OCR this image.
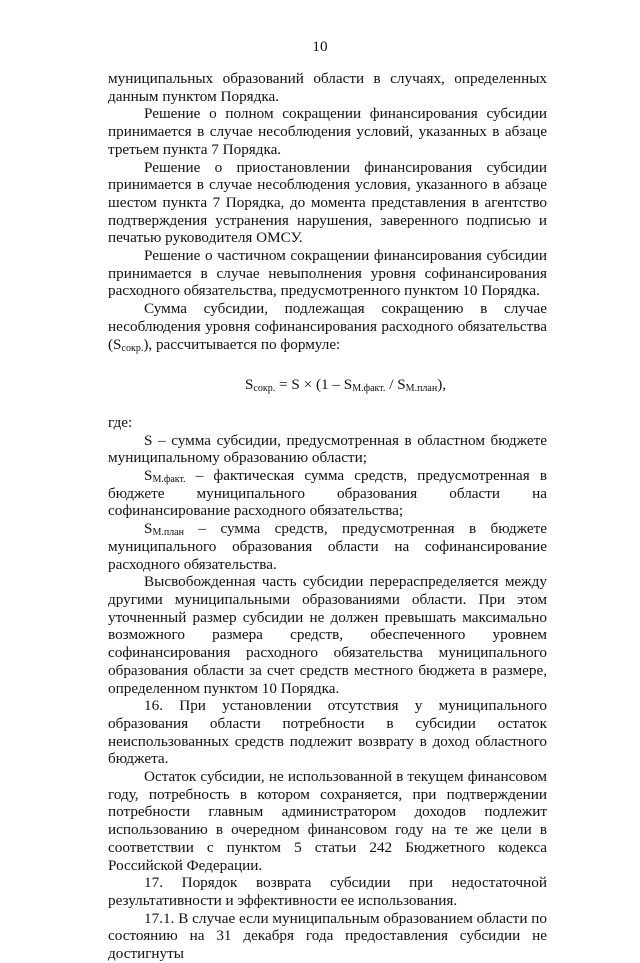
10

муниципальных образований области в случаях, определенных данным пунктом Порядка.

Решение о полном сокращении финансирования субсидии принимается в случае несоблюдения условий, указанных в абзаце третьем пункта 7 Порядка.

Решение о приостановлении финансирования субсидии принимается в случае несоблюдения условия, указанного в абзаце шестом пункта 7 Порядка, до момента представления в агентство подтверждения устранения нарушения, заверенного подписью и печатью руководителя ОМСУ.

Решение о частичном сокращении финансирования субсидии принимается в случае невыполнения уровня софинансирования расходного обязательства, предусмотренного пунктом 10 Порядка.

Сумма субсидии, подлежащая сокращению в случае несоблюдения уровня софинансирования расходного обязательства $(S_{сокр.})$, рассчитывается по формуле:

$S_{сокр.} = S \times (1 - S_{М.факт.} / S_{М.план})$,

где:

S – сумма субсидии, предусмотренная в областном бюджете муниципальному образованию области;

$S_{М.факт.}$ – фактическая сумма средств, предусмотренная в бюджете муниципального образования области на софинансирование расходного обязательства;

$S_{М.план}$ – сумма средств, предусмотренная в бюджете муниципального образования области на софинансирование расходного обязательства.

Высвобожденная часть субсидии перераспределяется между другими муниципальными образованиями области. При этом уточненный размер субсидии не должен превышать максимально возможного размера средств, обеспеченного уровнем софинансирования расходного обязательства муниципального образования области за счет средств местного бюджета в размере, определенном пунктом 10 Порядка.

16. При установлении отсутствия у муниципального образования области потребности в субсидии остаток неиспользованных средств подлежит возврату в доход областного бюджета.

Остаток субсидии, не использованной в текущем финансовом году, потребность в котором сохраняется, при подтверждении потребности главным администратором доходов подлежит использованию в очередном финансовом году на те же цели в соответствии с пунктом 5 статьи 242 Бюджетного кодекса Российской Федерации.

17. Порядок возврата субсидии при недостаточной результативности и эффективности ее использования.

17.1. В случае если муниципальным образованием области по состоянию на 31 декабря года предоставления субсидии не достигнуты
